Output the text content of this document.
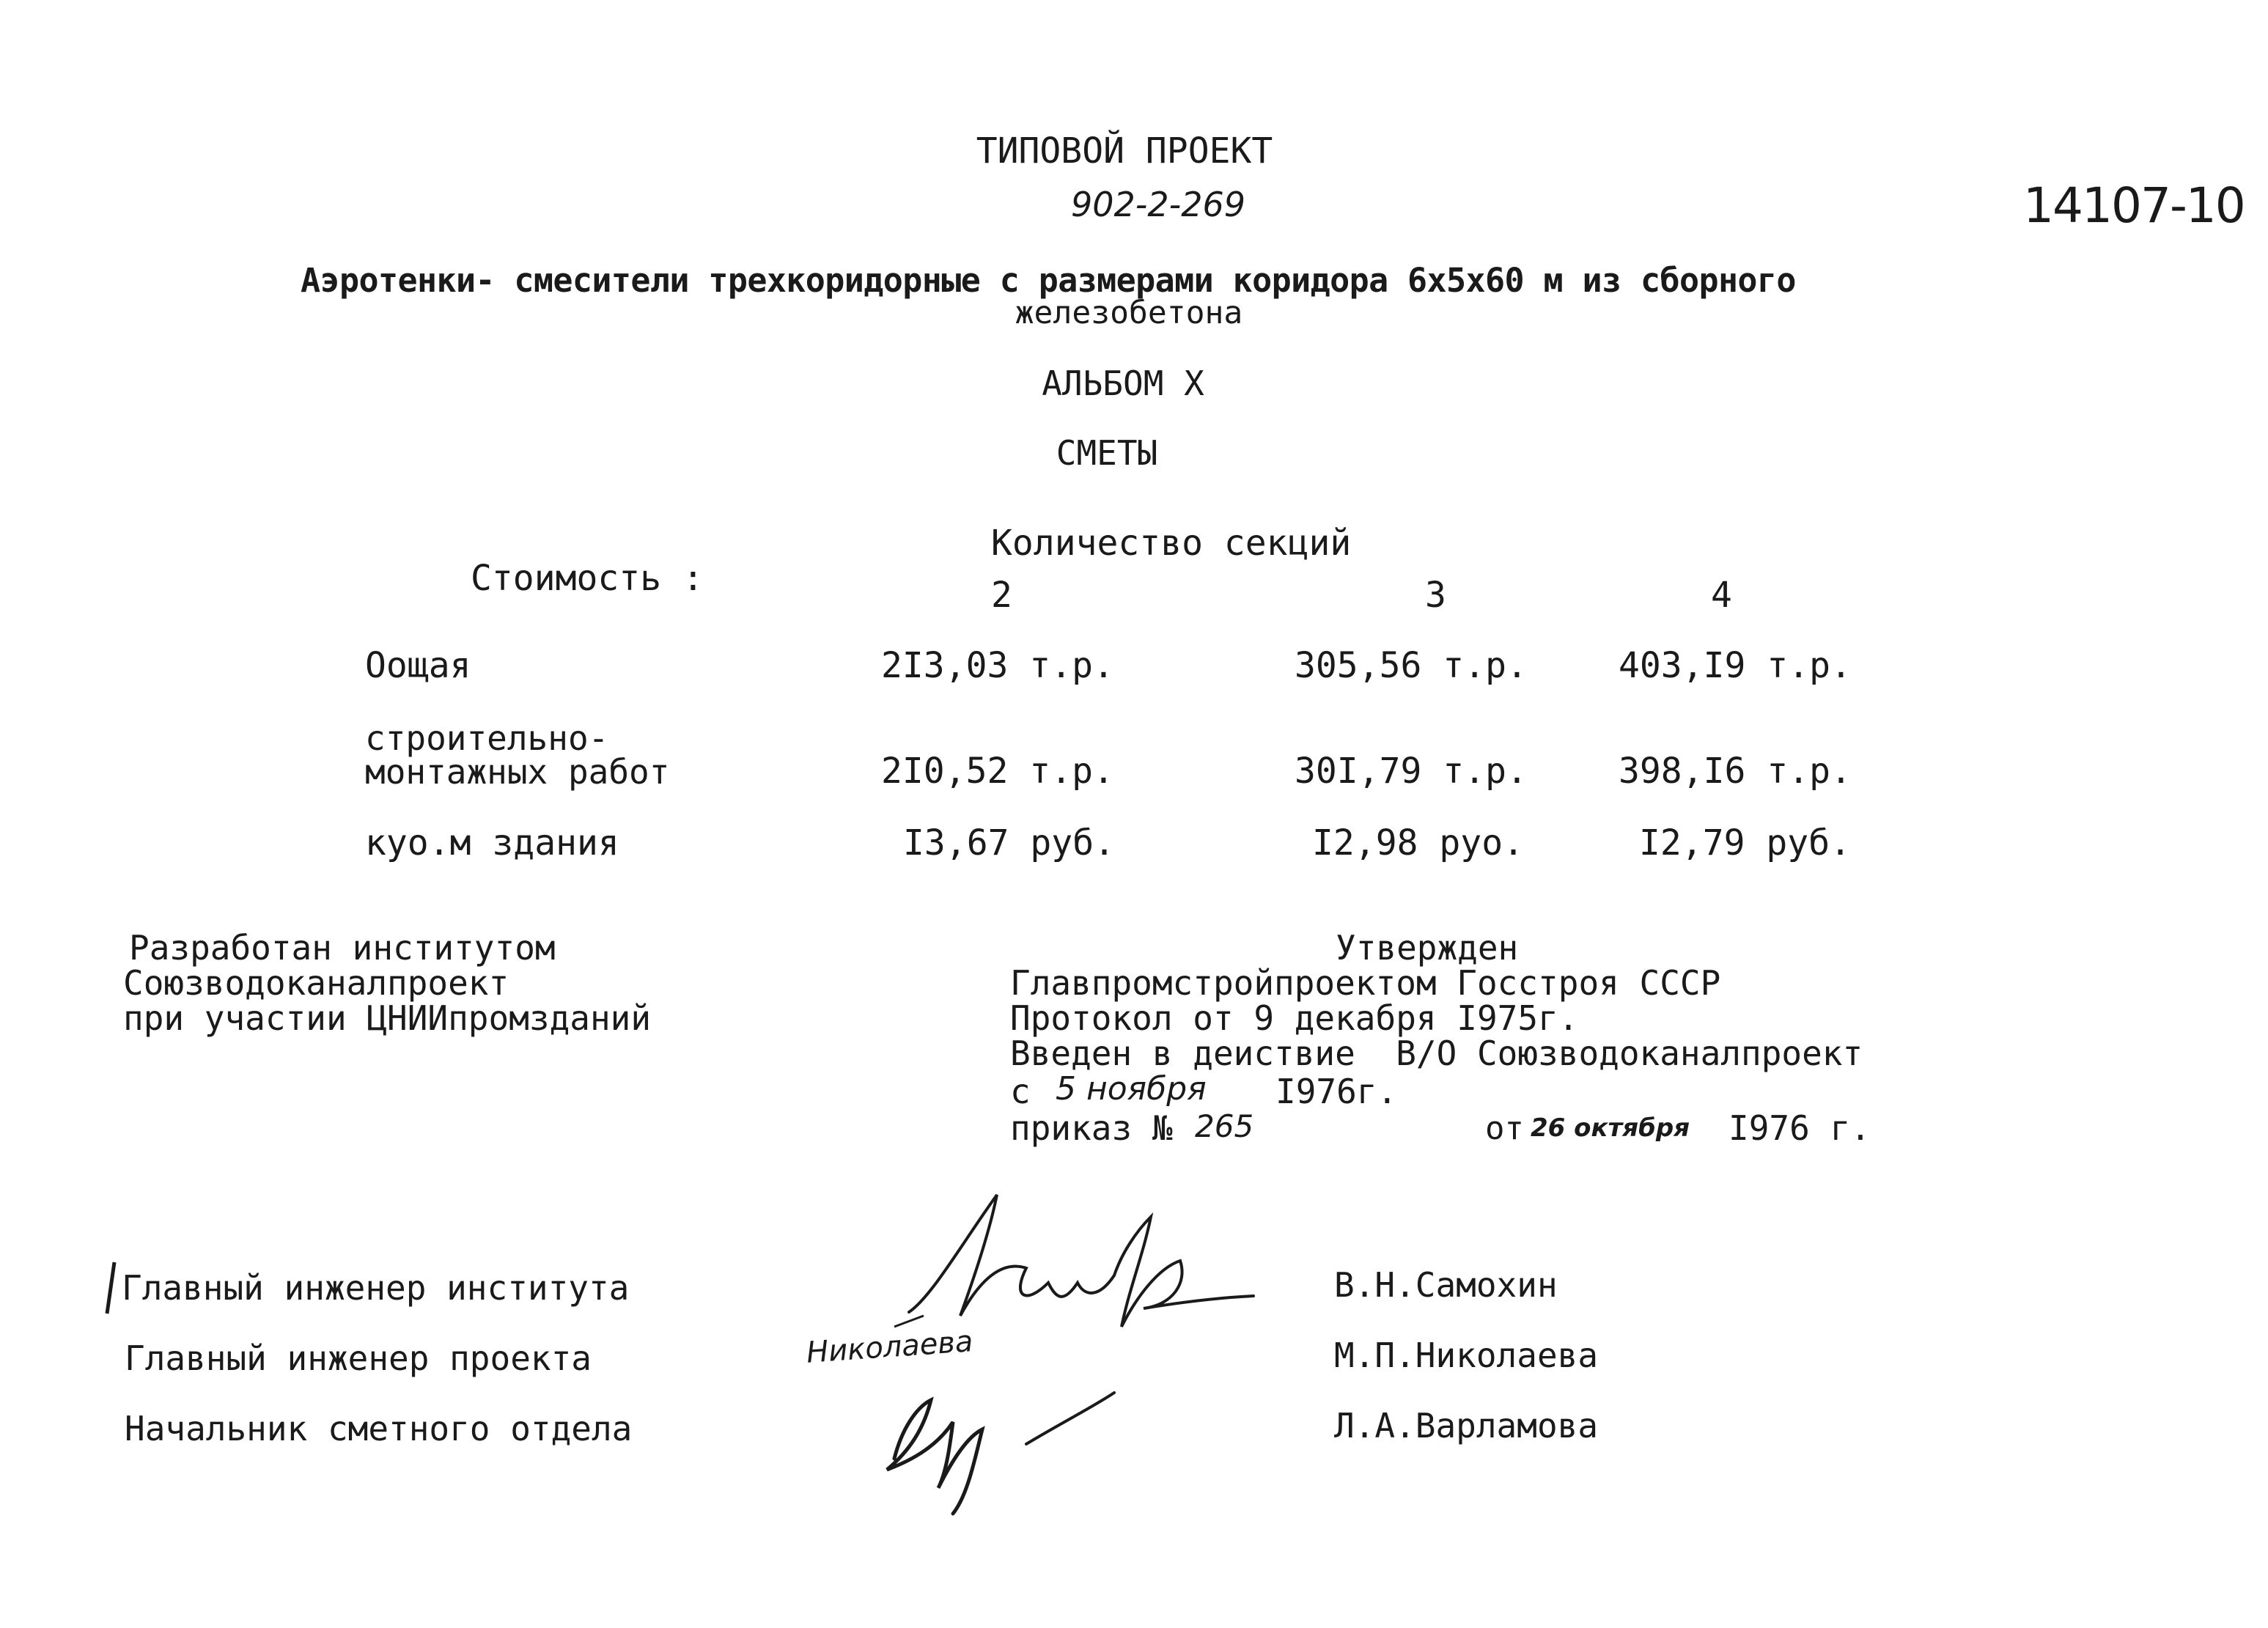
ТИПОВОЙ ПРОЕКТ
902-2-269	14107-10
Аэротенки- смесители трехкоридорные с размерами коридора 6х5х60 м из сборного
железобетона
АЛЬБОМ X
СМЕТЫ
Количество секций
Стоимость :	2	3	4
Оощая	2I3,03 т.р.	305,56 т.р.	403,I9 т.р.
строительно-
монтажных работ	2I0,52 т.р.	30I,79 т.р.	398,I6 т.р.
куо.м здания	I3,67 руб.	I2,98 руо.	I2,79 руб.
Разработан институтом
Союзводоканалпроект
при участии ЦНИИпромзданий
Утвержден
Главпромстройпроектом Госстроя СССР
Протокол от 9 декабря I975г.
Введен в деиствие  В/О Союзводоканалпроект
с 5 ноября I976г.
приказ № 265	от 26 октября I976 г.
Главный инженер института
Главный инженер проекта
Начальник сметного отдела
В.Н.Самохин
М.П.Николаева
Л.А.Варламова
Николаева
